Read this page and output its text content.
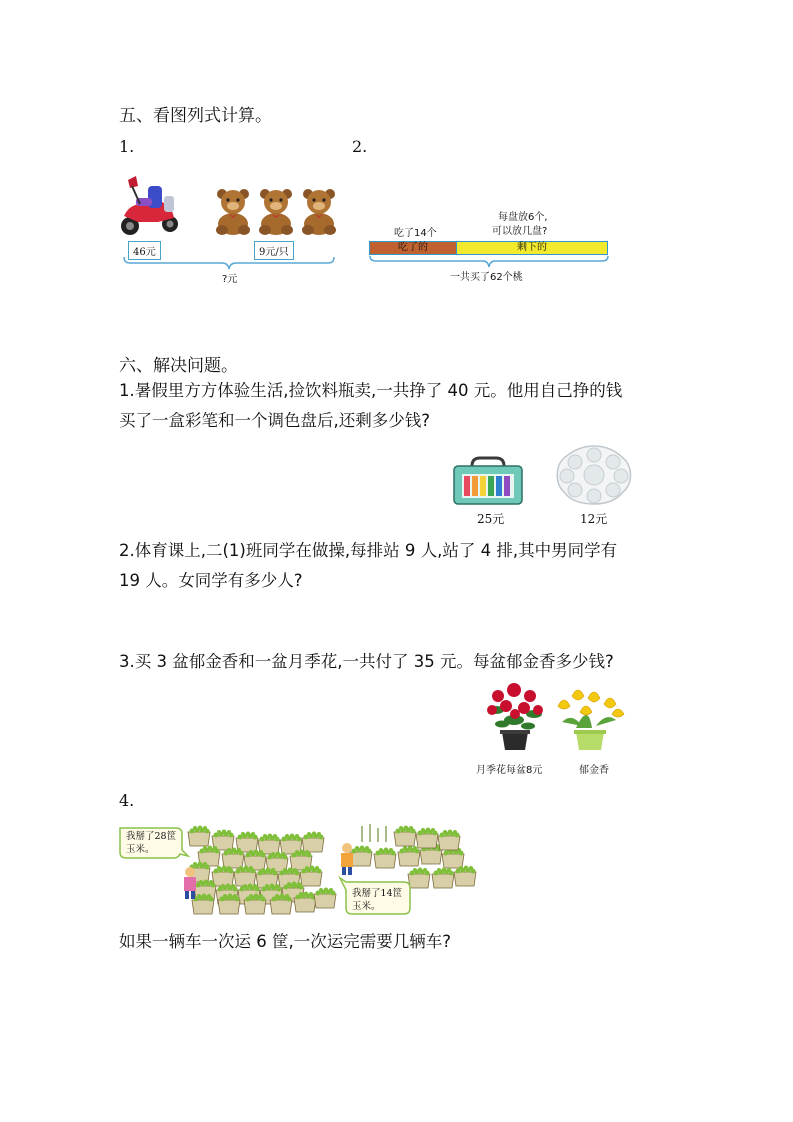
五、看图列式计算。
1.	2.
46元	9元/只
?元
吃了14个
每盘放6个,
可以放几盘?
吃了的	剩下的
一共买了62个桃
六、解决问题。
1.暑假里方方体验生活,捡饮料瓶卖,一共挣了 40 元。他用自己挣的钱
买了一盒彩笔和一个调色盘后,还剩多少钱?
25元	12元
2.体育课上,二(1)班同学在做操,每排站 9 人,站了 4 排,其中男同学有
19 人。女同学有多少人?
3.买 3 盆郁金香和一盆月季花,一共付了 35 元。每盆郁金香多少钱?
月季花每盆8元	郁金香
4.
我掰了28筐
玉米。
我掰了14筐
玉米。
如果一辆车一次运 6 筐,一次运完需要几辆车?
